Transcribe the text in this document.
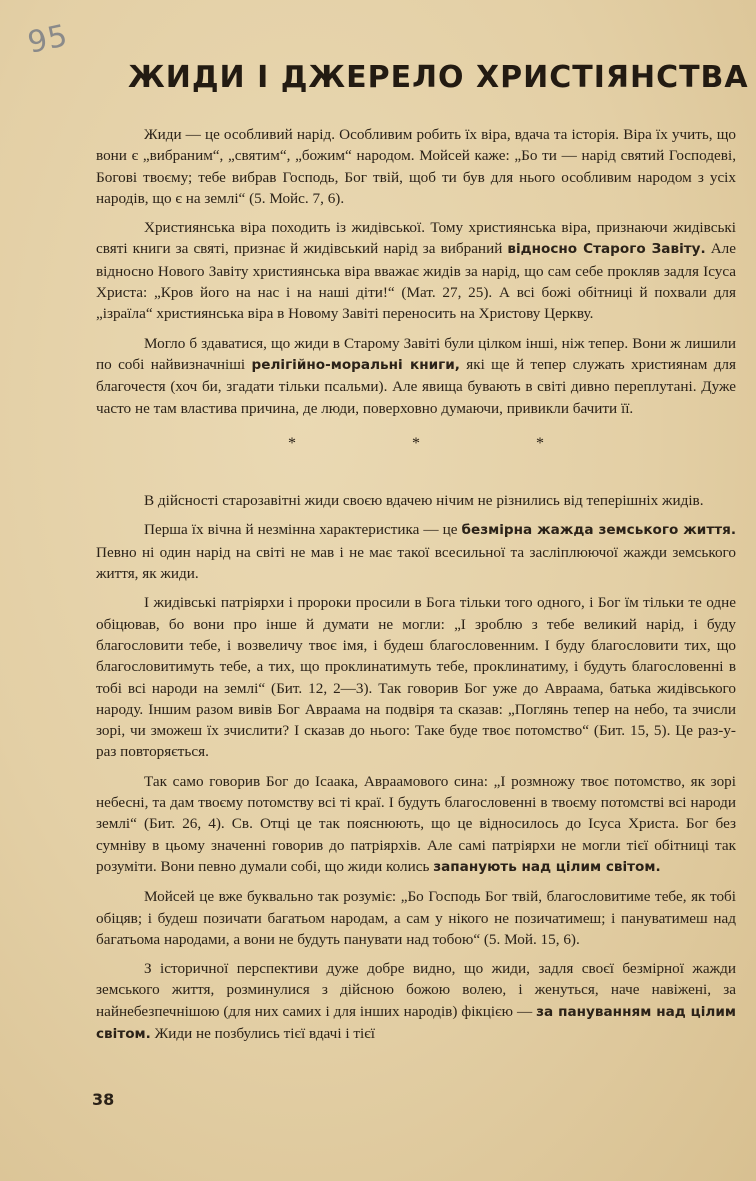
95
ЖИДИ І ДЖЕРЕЛО ХРИСТІЯНСТВА

Жиди — це особливий нарід. Особливим робить їх віра, вдача та історія. Віра їх учить, що вони є „вибраним“, „святим“, „божим“ народом. Мойсей каже: „Бо ти — нарід святий Господеві, Богові твоєму; тебе вибрав Господь, Бог твій, щоб ти був для нього особливим народом з усіх народів, що є на землі“ (5. Мойс. 7, 6).

Християнська віра походить із жидівської. Тому християнська віра, признаючи жидівські святі книги за святі, признає й жидівський нарід за вибраний відносно Старого Завіту. Але відносно Нового Завіту християнська віра вважає жидів за нарід, що сам себе прокляв задля Ісуса Христа: „Кров його на нас і на наші діти!“ (Мат. 27, 25). А всі божі обітниці й похвали для „ізраїла“ християнська віра в Новому Завіті переносить на Христову Церкву.

Могло б здаватися, що жиди в Старому Завіті були цілком інші, ніж тепер. Вони ж лишили по собі найвизначніші релігійно-моральні книги, які ще й тепер служать християнам для благочестя (хоч би, згадати тільки псальми). Але явища бувають в світі дивно переплутані. Дуже часто не там властива причина, де люди, поверховно думаючи, привикли бачити її.

* * *

В дійсності старозавітні жиди своєю вдачею нічим не різнились від теперішніх жидів.

Перша їх вічна й незмінна характеристика — це безмірна жажда земського життя. Певно ні один нарід на світі не мав і не має такої всесильної та засліплюючої жажди земського життя, як жиди.

І жидівські патріярхи і пророки просили в Бога тільки того одного, і Бог їм тільки те одне обіцював, бо вони про інше й думати не могли: „І зроблю з тебе великий нарід, і буду благословити тебе, і возвеличу твоє імя, і будеш благословенним. І буду благословити тих, що благословитимуть тебе, а тих, що проклинатимуть тебе, проклинатиму, і будуть благословенні в тобі всі народи на землі“ (Бит. 12, 2—3). Так говорив Бог уже до Авраама, батька жидівського народу. Іншим разом вивів Бог Авраама на подвіря та сказав: „Поглянь тепер на небо, та зчисли зорі, чи зможеш їх зчислити? І сказав до нього: Таке буде твоє потомство“ (Бит. 15, 5). Це раз-у-раз повторяється.

Так само говорив Бог до Ісаака, Авраамового сина: „І розмножу твоє потомство, як зорі небесні, та дам твоєму потомству всі ті краї. І будуть благословенні в твоєму потомстві всі народи землі“ (Бит. 26, 4). Св. Отці це так пояснюють, що це відносилось до Ісуса Христа. Бог без сумніву в цьому значенні говорив до патріярхів. Але самі патріярхи не могли тієї обітниці так розуміти. Вони певно думали собі, що жиди колись запанують над цілим світом.

Мойсей це вже буквально так розуміє: „Бо Господь Бог твій, благословитиме тебе, як тобі обіцяв; і будеш позичати багатьом народам, а сам у нікого не позичатимеш; і пануватимеш над багатьома народами, а вони не будуть панувати над тобою“ (5. Мой. 15, 6).

З історичної перспективи дуже добре видно, що жиди, задля своєї безмірної жажди земського життя, розминулися з дійсною божою волею, і женуться, наче навіжені, за найнебезпечнішою (для них самих і для інших народів) фікцією — за пануванням над цілим світом. Жиди не позбулись тієї вдачі і тієї

38
